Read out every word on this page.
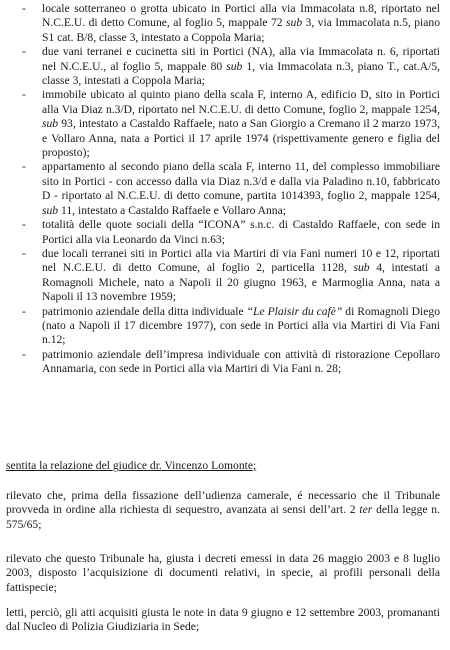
-	locale sotterraneo o grotta ubicato in Portici alla via Immacolata n.8, riportato nel N.C.E.U. di detto Comune, al foglio 5, mappale 72 sub 3, via Immacolata n.5, piano S1 cat. B/8, classe 3, intestato a Coppola Maria;
-	due vani terranei e cucinetta siti in Portici (NA), alla via Immacolata n. 6, riportati nel N.C.E.U., al foglio 5, mappale 80 sub 1, via Immacolata n.3, piano T., cat.A/5, classe 3, intestati a Coppola Maria;
-	immobile ubicato al quinto piano della scala F, interno A, edificio D, sito in Portici alla Via Diaz n.3/D, riportato nel N.C.E.U. di detto Comune, foglio 2, mappale 1254, sub 93, intestato a Castaldo Raffaele, nato a San Giorgio a Cremano il 2 marzo 1973, e Vollaro Anna, nata a Portici il 17 aprile 1974 (rispettivamente genero e figlia del proposto);
-	appartamento al secondo piano della scala F, interno 11, del complesso immobiliare sito in Portici - con accesso dalla via Diaz n.3/d e dalla via Paladino n.10, fabbricato D - riportato al N.C.E.U. di detto comune, partita 1014393, foglio 2, mappale 1254, sub 11, intestato a Castaldo Raffaele e Vollaro Anna;
-	totalità delle quote sociali della “ICONA” s.n.c. di Castaldo Raffaele, con sede in Portici alla via Leonardo da Vinci n.63;
-	due locali terranei siti in Portici alla via Martiri di via Fani numeri 10 e 12, riportati nel N.C.E.U. di detto Comune, al foglio 2, particella 1128, sub 4, intestati a Romagnoli Michele, nato a Napoli il 20 giugno 1963, e Marmoglia Anna, nata a Napoli il 13 novembre 1959;
-	patrimonio aziendale della ditta individuale “Le Plaisir du cafè” di Romagnoli Diego (nato a Napoli il 17 dicembre 1977), con sede in Portici alla via Martiri di Via Fani n.12;
-	patrimonio aziendale dell’impresa individuale con attività di ristorazione Cepollaro Annamaria, con sede in Portici alla via Martiri di Via Fani n. 28;
sentita la relazione del giudice dr. Vincenzo Lomonte;
rilevato che, prima della fissazione dell’udienza camerale, é necessario che il Tribunale provveda in ordine alla richiesta di sequestro, avanzata ai sensi dell’art. 2 ter della legge n. 575/65;
rilevato che questo Tribunale ha, giusta i decreti emessi in data 26 maggio 2003 e 8 luglio 2003, disposto l’acquisizione di documenti relativi, in specie, ai profili personali della fattispecie;
letti, perciò, gli atti acquisiti giusta le note in data 9 giugno e 12 settembre 2003, promananti dal Nucleo di Polizia Giudiziaria in Sede;
